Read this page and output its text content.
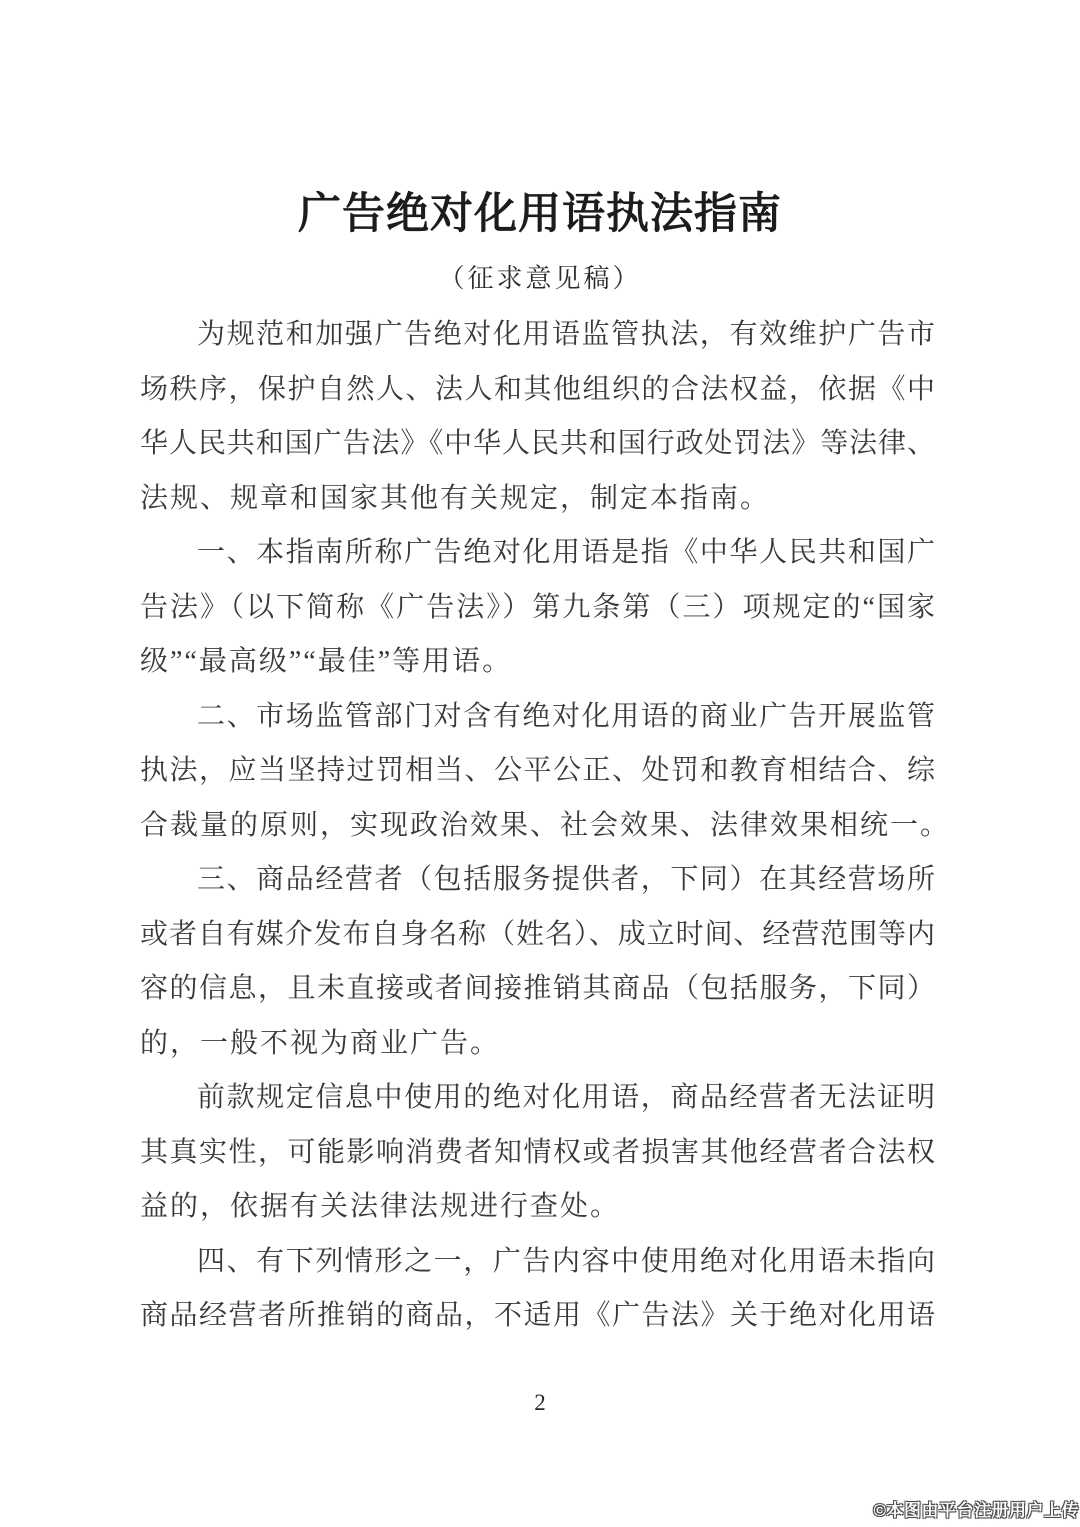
广告绝对化用语执法指南
（征求意见稿）
为规范和加强广告绝对化用语监管执法，有效维护广告市
场秩序，保护自然人、法人和其他组织的合法权益，依据《中
华人民共和国广告法》《中华人民共和国行政处罚法》等法律、
法规、规章和国家其他有关规定，制定本指南。
一、本指南所称广告绝对化用语是指《中华人民共和国广
告法》（以下简称《广告法》）第九条第（三）项规定的“国家
级”“最高级”“最佳”等用语。
二、市场监管部门对含有绝对化用语的商业广告开展监管
执法，应当坚持过罚相当、公平公正、处罚和教育相结合、综
合裁量的原则，实现政治效果、社会效果、法律效果相统一。
三、商品经营者（包括服务提供者，下同）在其经营场所
或者自有媒介发布自身名称（姓名）、成立时间、经营范围等内
容的信息，且未直接或者间接推销其商品（包括服务，下同）
的，一般不视为商业广告。
前款规定信息中使用的绝对化用语，商品经营者无法证明
其真实性，可能影响消费者知情权或者损害其他经营者合法权
益的，依据有关法律法规进行查处。
四、有下列情形之一，广告内容中使用绝对化用语未指向
商品经营者所推销的商品，不适用《广告法》关于绝对化用语
2
©本图由平台注册用户上传
